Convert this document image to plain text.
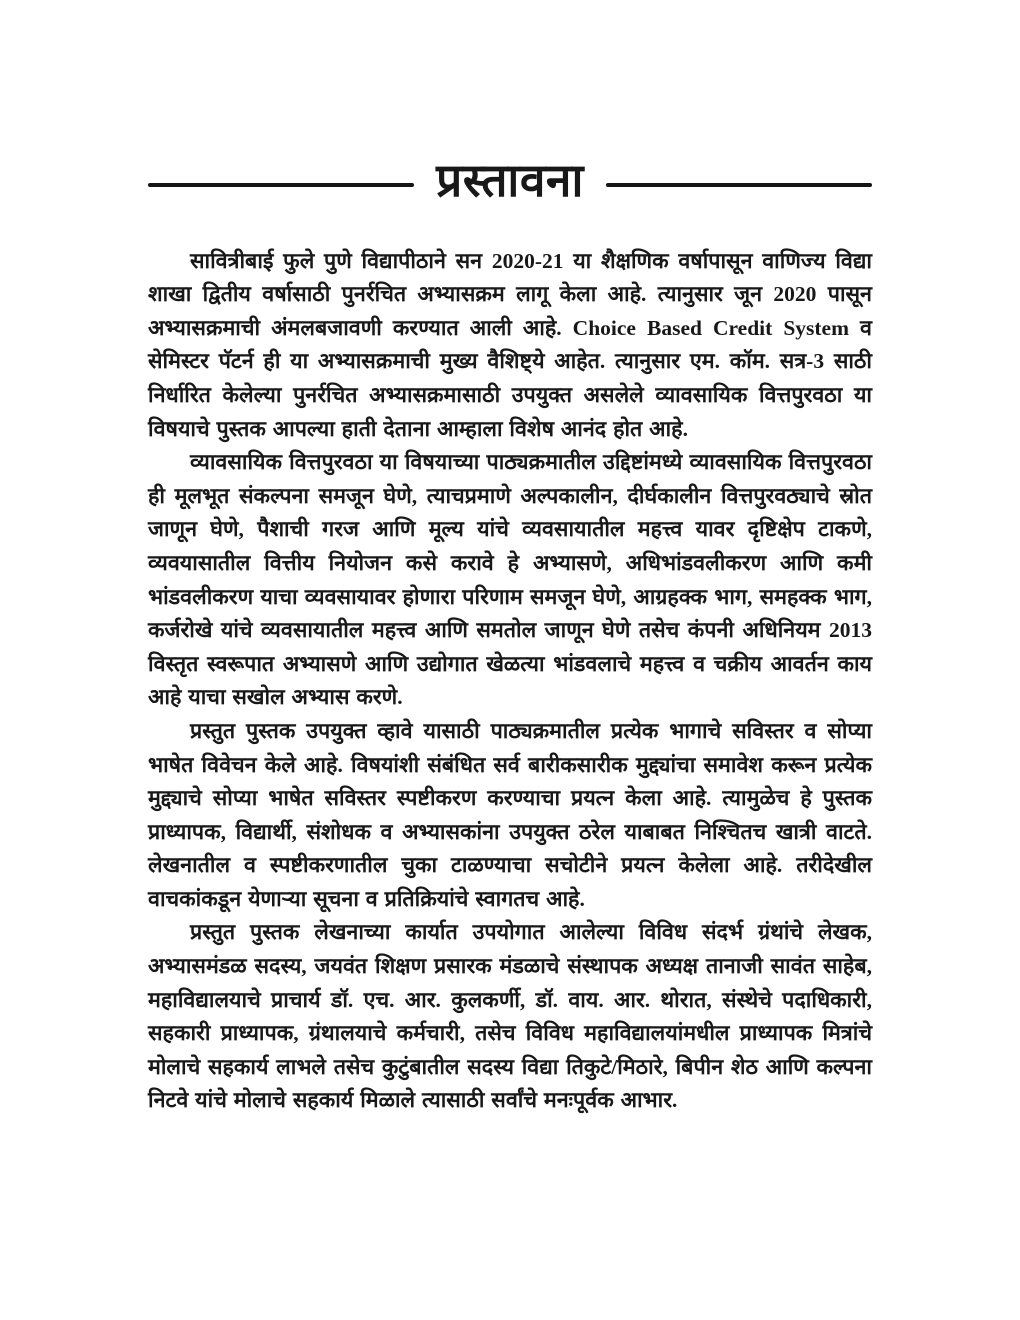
प्रस्तावना

सावित्रीबाई फुले पुणे विद्यापीठाने सन 2020-21 या शैक्षणिक वर्षापासून वाणिज्य विद्या शाखा द्वितीय वर्षासाठी पुनर्रचित अभ्यासक्रम लागू केला आहे. त्यानुसार जून 2020 पासून अभ्यासक्रमाची अंमलबजावणी करण्यात आली आहे. Choice Based Credit System व सेमिस्टर पॅटर्न ही या अभ्यासक्रमाची मुख्य वैशिष्ट्ये आहेत. त्यानुसार एम. कॉम. सत्र-3 साठी निर्धारित केलेल्या पुनर्रचित अभ्यासक्रमासाठी उपयुक्त असलेले व्यावसायिक वित्तपुरवठा या विषयाचे पुस्तक आपल्या हाती देताना आम्हाला विशेष आनंद होत आहे.

व्यावसायिक वित्तपुरवठा या विषयाच्या पाठ्यक्रमातील उद्दिष्टांमध्ये व्यावसायिक वित्तपुरवठा ही मूलभूत संकल्पना समजून घेणे, त्याचप्रमाणे अल्पकालीन, दीर्घकालीन वित्तपुरवठ्याचे स्रोत जाणून घेणे, पैशाची गरज आणि मूल्य यांचे व्यवसायातील महत्त्व यावर दृष्टिक्षेप टाकणे, व्यवयासातील वित्तीय नियोजन कसे करावे हे अभ्यासणे, अधिभांडवलीकरण आणि कमी भांडवलीकरण याचा व्यवसायावर होणारा परिणाम समजून घेणे, आग्रहक्क भाग, समहक्क भाग, कर्जरोखे यांचे व्यवसायातील महत्त्व आणि समतोल जाणून घेणे तसेच कंपनी अधिनियम 2013 विस्तृत स्वरूपात अभ्यासणे आणि उद्योगात खेळत्या भांडवलाचे महत्त्व व चक्रीय आवर्तन काय आहे याचा सखोल अभ्यास करणे.

प्रस्तुत पुस्तक उपयुक्त व्हावे यासाठी पाठ्यक्रमातील प्रत्येक भागाचे सविस्तर व सोप्या भाषेत विवेचन केले आहे. विषयांशी संबंधित सर्व बारीकसारीक मुद्द्यांचा समावेश करून प्रत्येक मुद्द्याचे सोप्या भाषेत सविस्तर स्पष्टीकरण करण्याचा प्रयत्न केला आहे. त्यामुळेच हे पुस्तक प्राध्यापक, विद्यार्थी, संशोधक व अभ्यासकांना उपयुक्त ठरेल याबाबत निश्चितच खात्री वाटते. लेखनातील व स्पष्टीकरणातील चुका टाळण्याचा सचोटीने प्रयत्न केलेला आहे. तरीदेखील वाचकांकडून येणाऱ्या सूचना व प्रतिक्रियांचे स्वागतच आहे.

प्रस्तुत पुस्तक लेखनाच्या कार्यात उपयोगात आलेल्या विविध संदर्भ ग्रंथांचे लेखक, अभ्यासमंडळ सदस्य, जयवंत शिक्षण प्रसारक मंडळाचे संस्थापक अध्यक्ष तानाजी सावंत साहेब, महाविद्यालयाचे प्राचार्य डॉ. एच. आर. कुलकर्णी, डॉ. वाय. आर. थोरात, संस्थेचे पदाधिकारी, सहकारी प्राध्यापक, ग्रंथालयाचे कर्मचारी, तसेच विविध महाविद्यालयांमधील प्राध्यापक मित्रांचे मोलाचे सहकार्य लाभले तसेच कुटुंबातील सदस्य विद्या तिकुटे/मिठारे, बिपीन शेठ आणि कल्पना निटवे यांचे मोलाचे सहकार्य मिळाले त्यासाठी सर्वांचे मनःपूर्वक आभार.
